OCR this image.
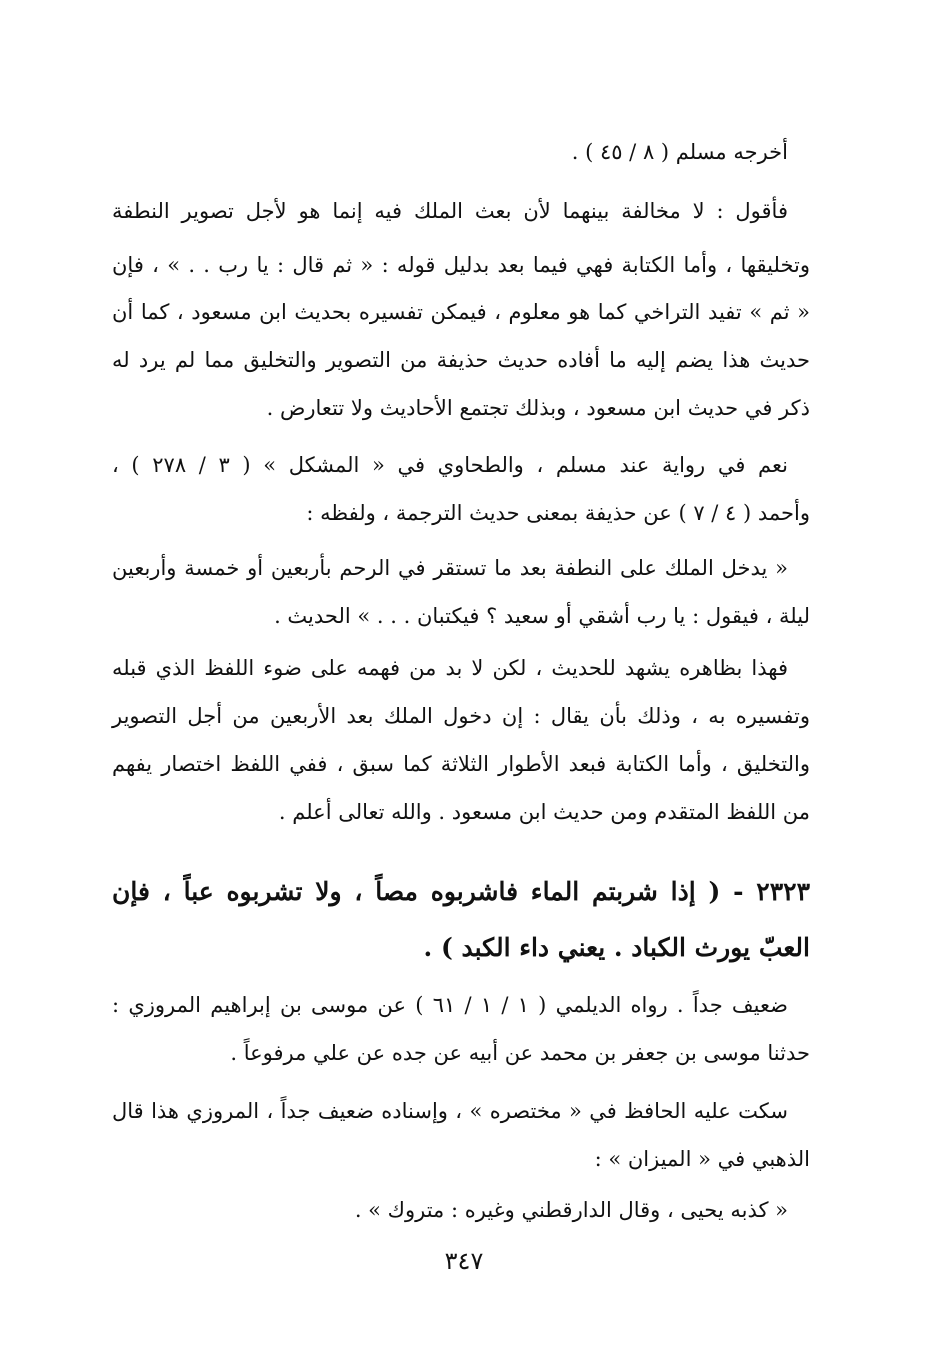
أخرجه مسلم ( ٨ / ٤٥ ) .
فأقول : لا مخالفة بينهما لأن بعث الملك فيه إنما هو لأجل تصوير النطفة
وتخليقها ، وأما الكتابة فهي فيما بعد بدليل قوله : « ثم قال : يا رب . . » ، فإن
« ثم » تفيد التراخي كما هو معلوم ، فيمكن تفسيره بحديث ابن مسعود ، كما أن
حديث هذا يضم إليه ما أفاده حديث حذيفة من التصوير والتخليق مما لم يرد له
ذكر في حديث ابن مسعود ، وبذلك تجتمع الأحاديث ولا تتعارض .
نعم في رواية عند مسلم ، والطحاوي في « المشكل » ( ٣ / ٢٧٨ ) ،
وأحمد ( ٤ / ٧ ) عن حذيفة بمعنى حديث الترجمة ، ولفظه :
« يدخل الملك على النطفة بعد ما تستقر في الرحم بأربعين أو خمسة وأربعين
ليلة ، فيقول : يا رب أشقي أو سعيد ؟ فيكتبان . . . » الحديث .
فهذا بظاهره يشهد للحديث ، لكن لا بد من فهمه على ضوء اللفظ الذي قبله
وتفسيره به ، وذلك بأن يقال : إن دخول الملك بعد الأربعين من أجل التصوير
والتخليق ، وأما الكتابة فبعد الأطوار الثلاثة كما سبق ، ففي اللفظ اختصار يفهم
من اللفظ المتقدم ومن حديث ابن مسعود . والله تعالى أعلم .
٢٣٢٣ - ( إذا شربتم الماء فاشربوه مصاً ، ولا تشربوه عباً ، فإن
العبّ يورث الكباد . يعني داء الكبد ) .
ضعيف جداً . رواه الديلمي ( ١ / ١ / ٦١ ) عن موسى بن إبراهيم المروزي :
حدثنا موسى بن جعفر بن محمد عن أبيه عن جده عن علي مرفوعاً .
سكت عليه الحافظ في « مختصره » ، وإسناده ضعيف جداً ، المروزي هذا قال
الذهبي في « الميزان » :
« كذبه يحيى ، وقال الدارقطني وغيره : متروك » .
٣٤٧
